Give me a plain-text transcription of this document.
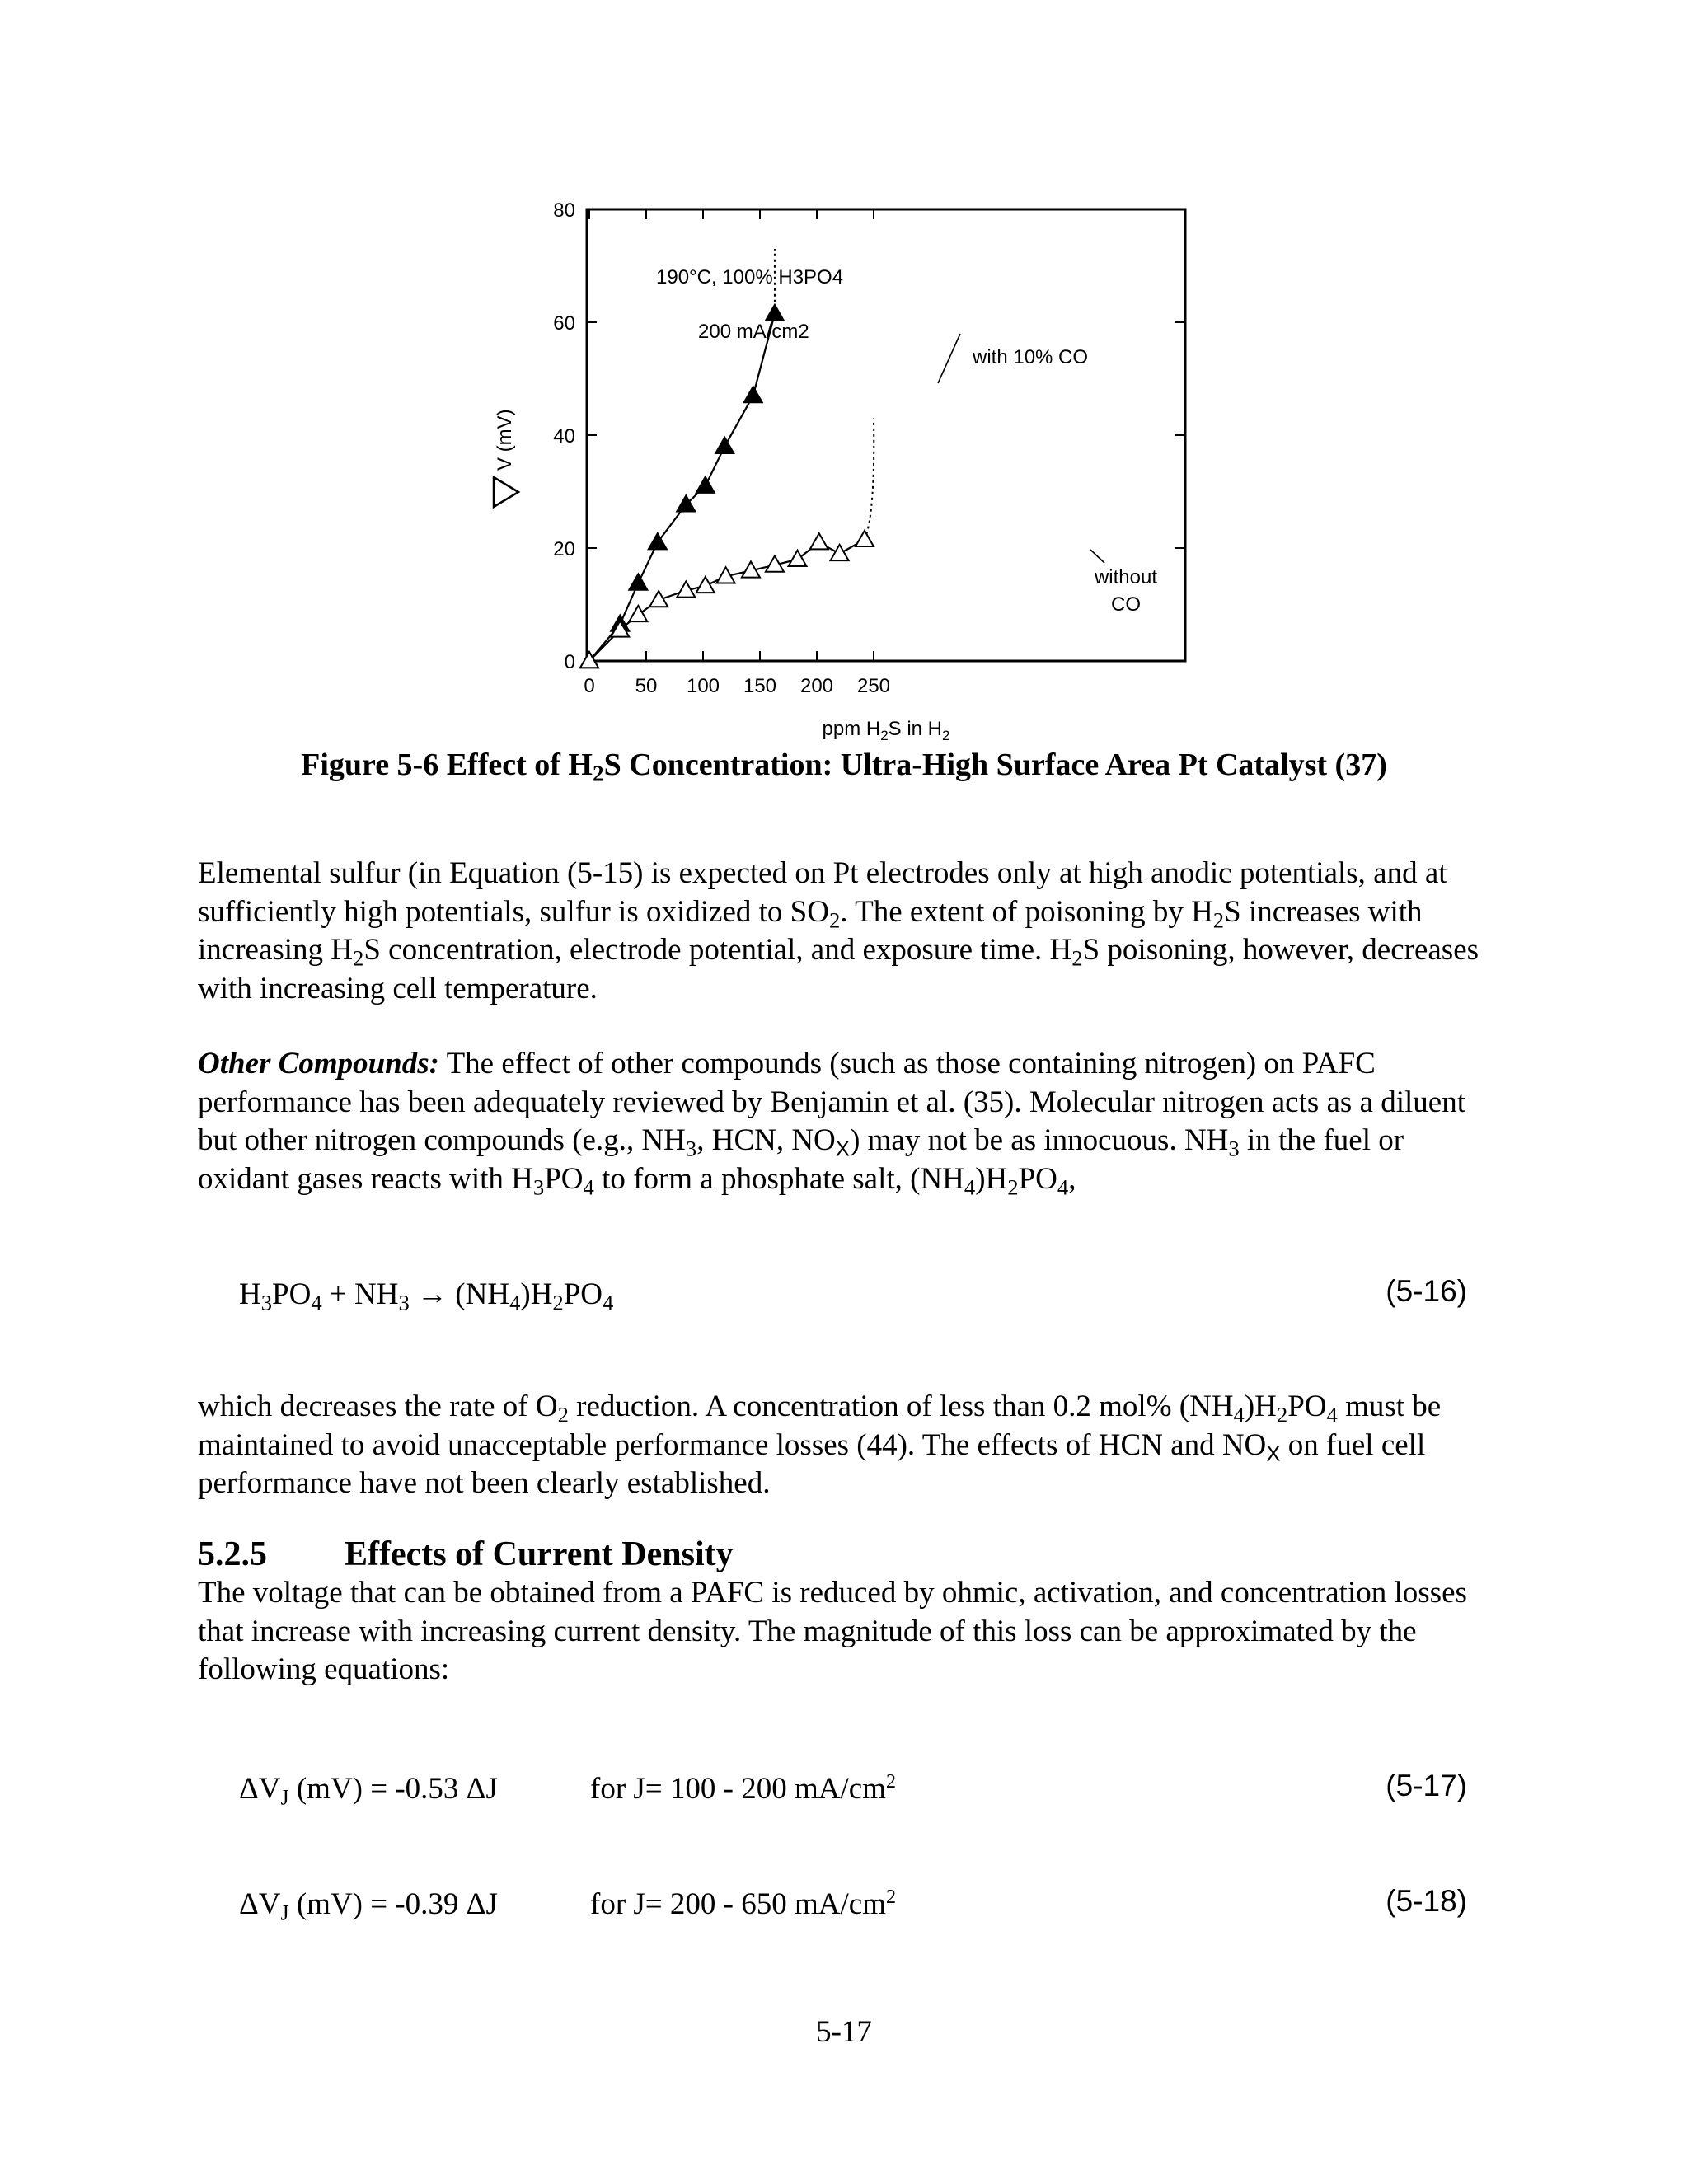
0 50 100 150 200 250
0
20
40
60
80
190°C, 100% H3PO4
200 mA/cm2
with 10% CO
without CO
ppm $H_2S$ in $H_2$
V (mV)
Figure 5-6 Effect of $H_2S$ Concentration: Ultra-High Surface Area Pt Catalyst (37)

Elemental sulfur (in Equation (5-15) is expected on Pt electrodes only at high anodic potentials, and at sufficiently high potentials, sulfur is oxidized to $SO_2$. The extent of poisoning by $H_2S$ increases with increasing $H_2S$ concentration, electrode potential, and exposure time. $H_2S$ poisoning, however, decreases with increasing cell temperature.

Other Compounds: The effect of other compounds (such as those containing nitrogen) on PAFC performance has been adequately reviewed by Benjamin et al. (35). Molecular nitrogen acts as a diluent but other nitrogen compounds (e.g., $NH_3$, HCN, $NO_X$) may not be as innocuous. $NH_3$ in the fuel or oxidant gases reacts with $H_3PO_4$ to form a phosphate salt, $(NH_4)H_2PO_4$,

$H_3PO_4 + NH_3 \to (NH_4)H_2PO_4$	(5-16)

which decreases the rate of $O_2$ reduction. A concentration of less than 0.2 mol% $(NH_4)H_2PO_4$ must be maintained to avoid unacceptable performance losses (44). The effects of HCN and $NO_X$ on fuel cell performance have not been clearly established.

5.2.5 Effects of Current Density

The voltage that can be obtained from a PAFC is reduced by ohmic, activation, and concentration losses that increase with increasing current density. The magnitude of this loss can be approximated by the following equations:

$\Delta V_J$ (mV) = -0.53 ΔJ	for J= 100 - 200 $mA/cm^2$	(5-17)
$\Delta V_J$ (mV) = -0.39 ΔJ	for J= 200 - 650 $mA/cm^2$	(5-18)
5-17
